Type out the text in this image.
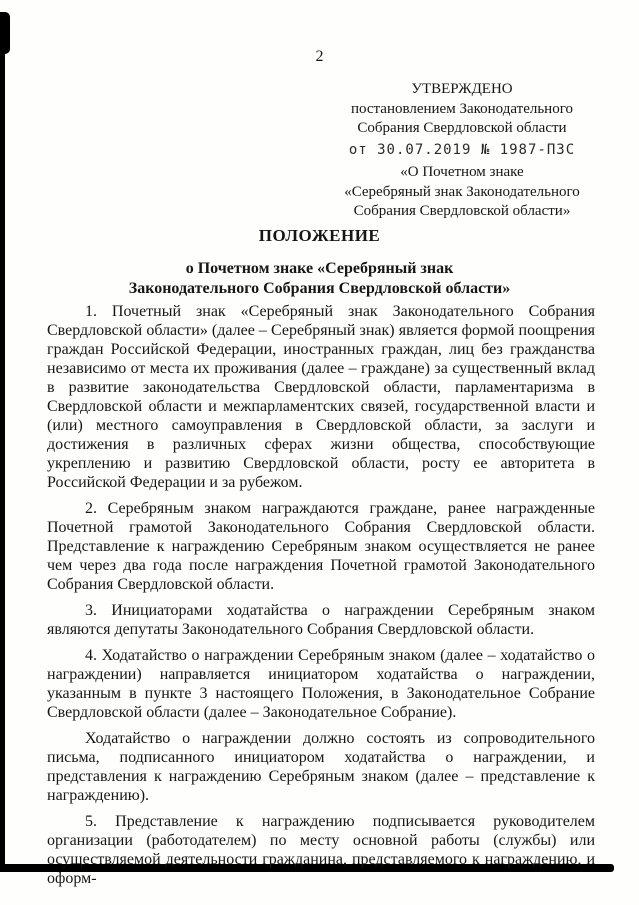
2
УТВЕРЖДЕНО
постановлением Законодательного
Собрания Свердловской области
от 30.07.2019 № 1987-ПЗС
«О Почетном знаке
«Серебряный знак Законодательного
Собрания Свердловской области»
ПОЛОЖЕНИЕ
о Почетном знаке «Серебряный знак
Законодательного Собрания Свердловской области»

1. Почетный знак «Серебряный знак Законодательного Собрания Свердловской области» (далее – Серебряный знак) является формой поощрения граждан Российской Федерации, иностранных граждан, лиц без гражданства независимо от места их проживания (далее – граждане) за существенный вклад в развитие законодательства Свердловской области, парламентаризма в Свердловской области и межпарламентских связей, государственной власти и (или) местного самоуправления в Свердловской области, за заслуги и достижения в различных сферах жизни общества, способствующие укреплению и развитию Свердловской области, росту ее авторитета в Российской Федерации и за рубежом.

2. Серебряным знаком награждаются граждане, ранее награжденные Почетной грамотой Законодательного Собрания Свердловской области. Представление к награждению Серебряным знаком осуществляется не ранее чем через два года после награждения Почетной грамотой Законодательного Собрания Свердловской области.

3. Инициаторами ходатайства о награждении Серебряным знаком являются депутаты Законодательного Собрания Свердловской области.

4. Ходатайство о награждении Серебряным знаком (далее – ходатайство о награждении) направляется инициатором ходатайства о награждении, указанным в пункте 3 настоящего Положения, в Законодательное Собрание Свердловской области (далее – Законодательное Собрание).

Ходатайство о награждении должно состоять из сопроводительного письма, подписанного инициатором ходатайства о награждении, и представления к награждению Серебряным знаком (далее – представление к награждению).

5. Представление к награждению подписывается руководителем организации (работодателем) по месту основной работы (службы) или осуществляемой деятельности гражданина, представляемого к награждению, и оформ-
